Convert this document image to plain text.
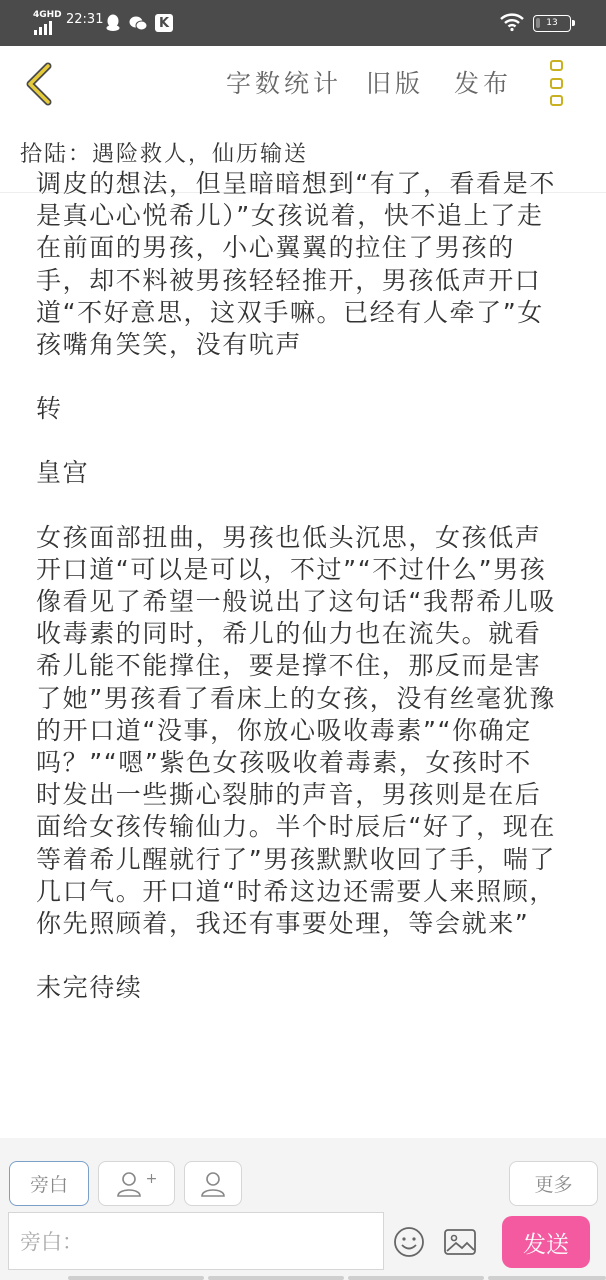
4GHD 22:31	K	13
字数统计 旧版 发布
拾陆：遇险救人，仙历输送

调皮的想法，但呈暗暗想到“有了，看看是不是真心心悦希儿）”女孩说着，快不追上了走在前面的男孩，小心翼翼的拉住了男孩的手，却不料被男孩轻轻推开，男孩低声开口道“不好意思，这双手嘛。已经有人牵了”女孩嘴角笑笑，没有吭声

转

皇宫

女孩面部扭曲，男孩也低头沉思，女孩低声开口道“可以是可以，不过”“不过什么”男孩像看见了希望一般说出了这句话“我帮希儿吸收毒素的同时，希儿的仙力也在流失。就看希儿能不能撑住，要是撑不住，那反而是害了她”男孩看了看床上的女孩，没有丝毫犹豫的开口道“没事，你放心吸收毒素”“你确定吗？”“嗯”紫色女孩吸收着毒素，女孩时不时发出一些撕心裂肺的声音，男孩则是在后面给女孩传输仙力。半个时辰后“好了，现在等着希儿醒就行了”男孩默默收回了手，喘了几口气。开口道“时希这边还需要人来照顾，你先照顾着，我还有事要处理，等会就来”

未完待续

旁白	+	更多
旁白：	发送
